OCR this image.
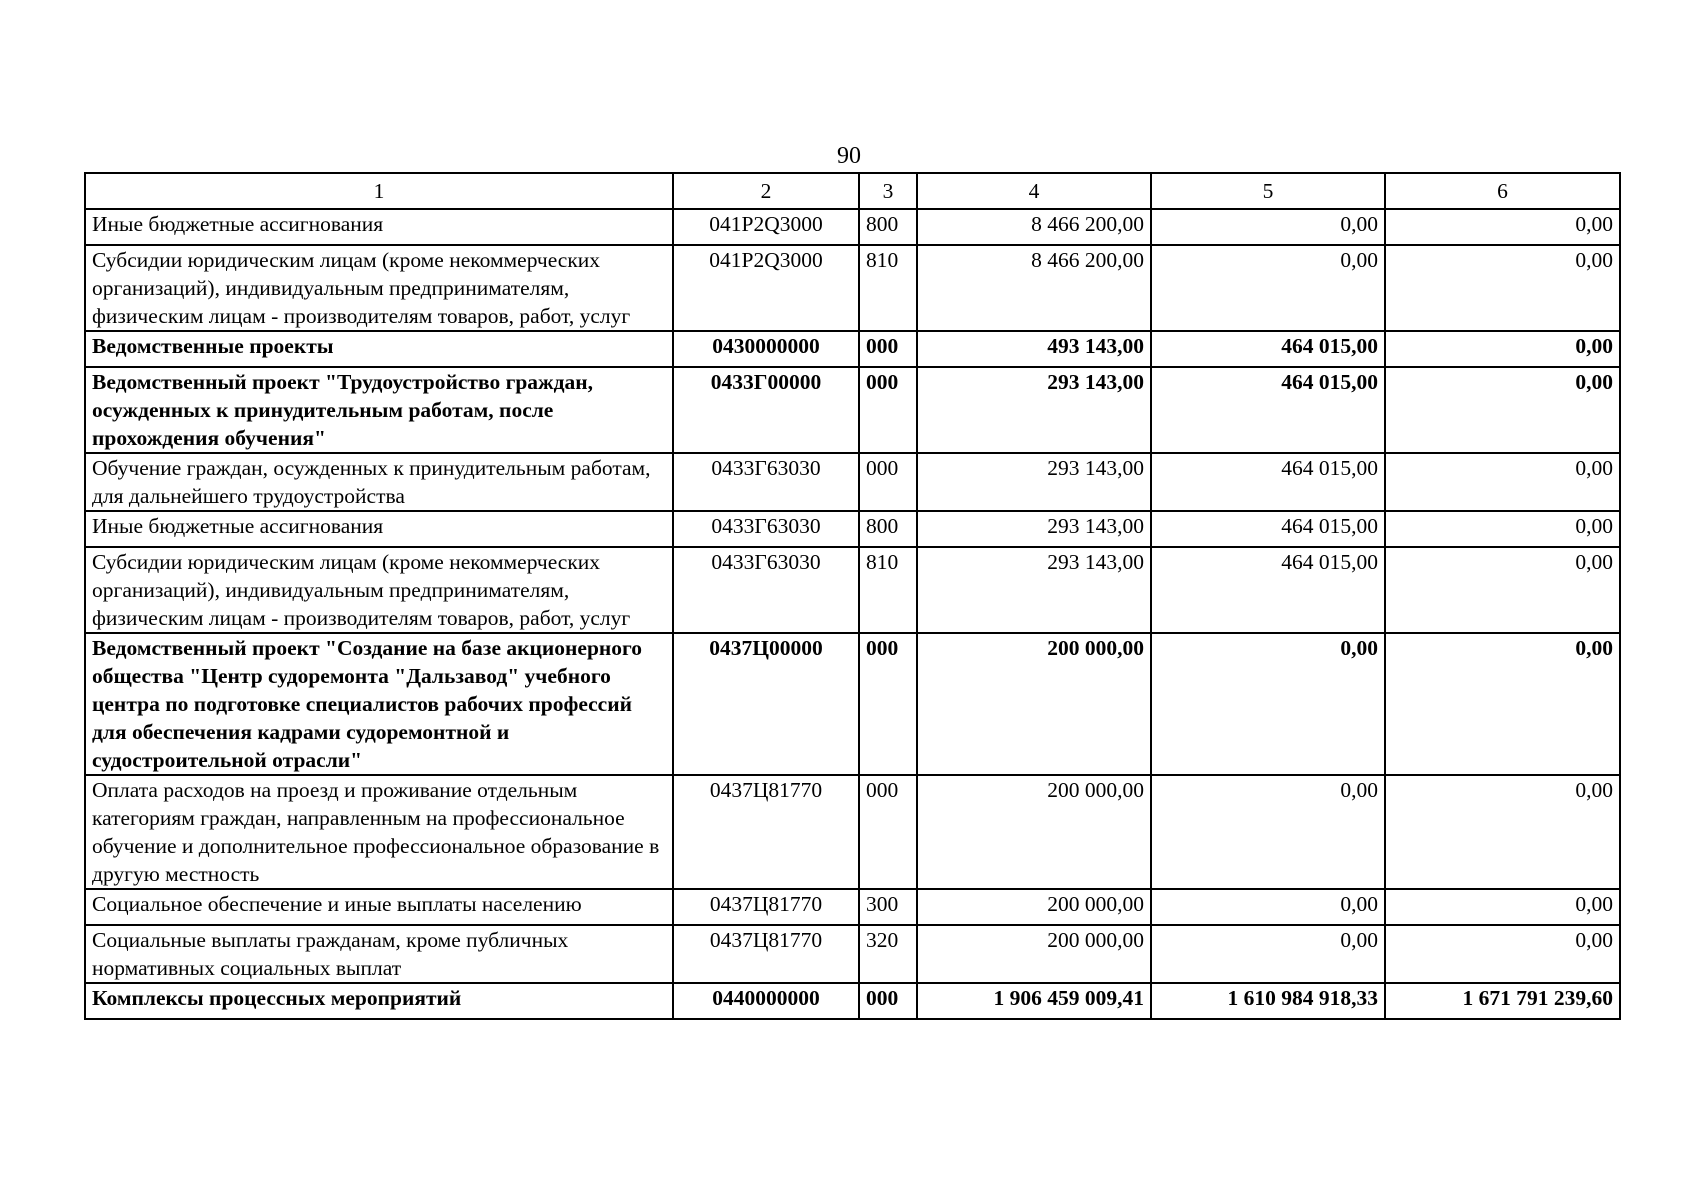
90
1	2	3	4	5	6
Иные бюджетные ассигнования	041P2Q3000	800	8 466 200,00	0,00	0,00
Субсидии юридическим лицам (кроме некоммерческих организаций), индивидуальным предпринимателям, физическим лицам - производителям товаров, работ, услуг	041P2Q3000	810	8 466 200,00	0,00	0,00
Ведомственные проекты	0430000000	000	493 143,00	464 015,00	0,00
Ведомственный проект "Трудоустройство граждан, осужденных к принудительным работам, после прохождения обучения"	0433Г00000	000	293 143,00	464 015,00	0,00
Обучение граждан, осужденных к принудительным работам, для дальнейшего трудоустройства	0433Г63030	000	293 143,00	464 015,00	0,00
Иные бюджетные ассигнования	0433Г63030	800	293 143,00	464 015,00	0,00
Субсидии юридическим лицам (кроме некоммерческих организаций), индивидуальным предпринимателям, физическим лицам - производителям товаров, работ, услуг	0433Г63030	810	293 143,00	464 015,00	0,00
Ведомственный проект "Создание на базе акционерного общества "Центр судоремонта "Дальзавод" учебного центра по подготовке специалистов рабочих профессий для обеспечения кадрами судоремонтной и судостроительной отрасли"	0437Ц00000	000	200 000,00	0,00	0,00
Оплата расходов на проезд и проживание отдельным категориям граждан, направленным на профессиональное обучение и дополнительное профессиональное образование в другую местность	0437Ц81770	000	200 000,00	0,00	0,00
Социальное обеспечение и иные выплаты населению	0437Ц81770	300	200 000,00	0,00	0,00
Социальные выплаты гражданам, кроме публичных нормативных социальных выплат	0437Ц81770	320	200 000,00	0,00	0,00
Комплексы процессных мероприятий	0440000000	000	1 906 459 009,41	1 610 984 918,33	1 671 791 239,60
